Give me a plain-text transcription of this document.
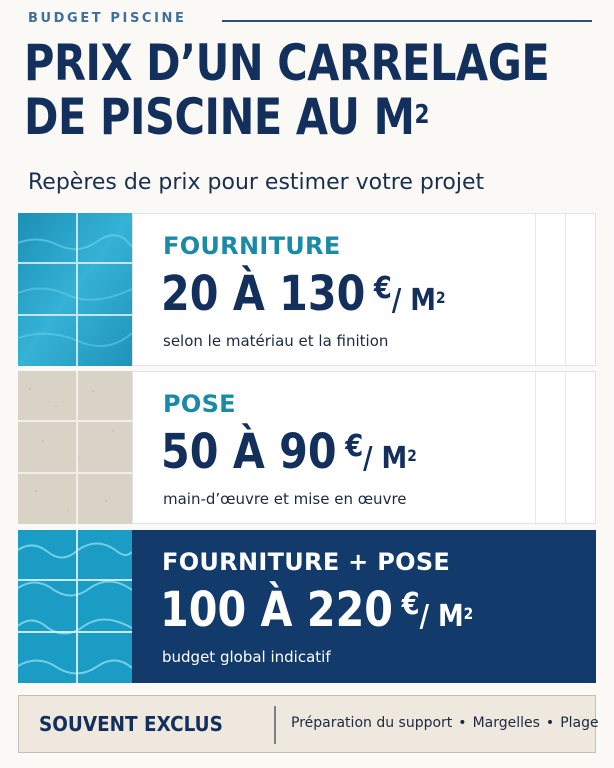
BUDGET PISCINE
PRIX D’UN CARRELAGE
DE PISCINE AU $M^2$
Repères de prix pour estimer votre projet
FOURNITURE
20 À 130 €/ $M^2$
selon le matériau et la finition
POSE
50 À 90 €/ $M^2$
main-d’œuvre et mise en œuvre
FOURNITURE + POSE
100 À 220 €/ $M^2$
budget global indicatif
SOUVENT EXCLUS	Préparation du support • Margelles • Plage
